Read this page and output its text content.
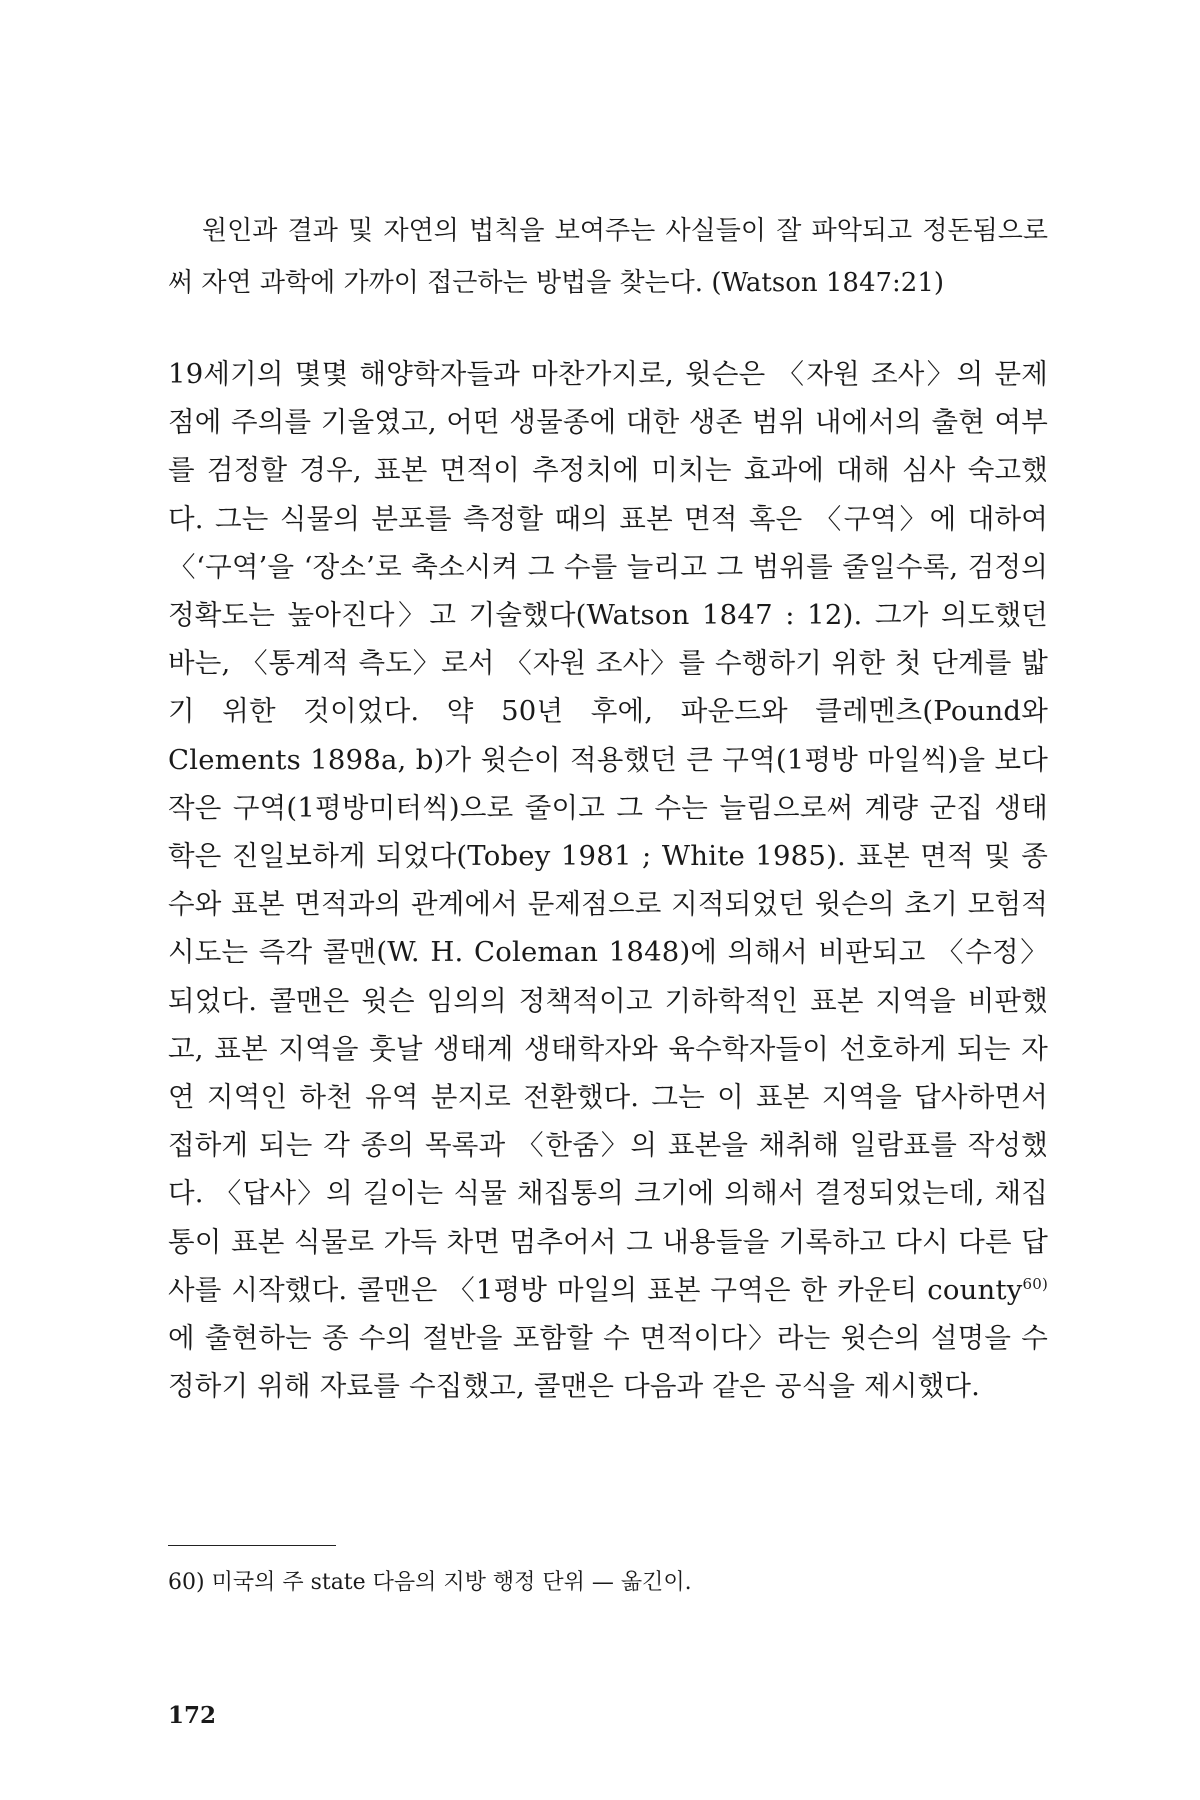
원인과 결과 및 자연의 법칙을 보여주는 사실들이 잘 파악되고 정돈됨으로써 자연 과학에 가까이 접근하는 방법을 찾는다. (Watson 1847:21)

19세기의 몇몇 해양학자들과 마찬가지로, 윗슨은 〈자원 조사〉의 문제점에 주의를 기울였고, 어떤 생물종에 대한 생존 범위 내에서의 출현 여부를 검정할 경우, 표본 면적이 추정치에 미치는 효과에 대해 심사 숙고했다. 그는 식물의 분포를 측정할 때의 표본 면적 혹은 〈구역〉에 대하여 〈‘구역’을 ‘장소’로 축소시켜 그 수를 늘리고 그 범위를 줄일수록, 검정의 정확도는 높아진다〉고 기술했다(Watson 1847 : 12). 그가 의도했던 바는, 〈통계적 측도〉로서 〈자원 조사〉를 수행하기 위한 첫 단계를 밟기 위한 것이었다. 약 50년 후에, 파운드와 클레멘츠(Pound와 Clements 1898a, b)가 윗슨이 적용했던 큰 구역(1평방 마일씩)을 보다 작은 구역(1평방미터씩)으로 줄이고 그 수는 늘림으로써 계량 군집 생태학은 진일보하게 되었다(Tobey 1981 ; White 1985). 표본 면적 및 종 수와 표본 면적과의 관계에서 문제점으로 지적되었던 윗슨의 초기 모험적 시도는 즉각 콜맨(W. H. Coleman 1848)에 의해서 비판되고 〈수정〉되었다. 콜맨은 윗슨 임의의 정책적이고 기하학적인 표본 지역을 비판했고, 표본 지역을 훗날 생태계 생태학자와 육수학자들이 선호하게 되는 자연 지역인 하천 유역 분지로 전환했다. 그는 이 표본 지역을 답사하면서 접하게 되는 각 종의 목록과 〈한줌〉의 표본을 채취해 일람표를 작성했다. 〈답사〉의 길이는 식물 채집통의 크기에 의해서 결정되었는데, 채집통이 표본 식물로 가득 차면 멈추어서 그 내용들을 기록하고 다시 다른 답사를 시작했다. 콜맨은 〈1평방 마일의 표본 구역은 한 카운티 county$^{60)}$에 출현하는 종 수의 절반을 포함할 수 면적이다〉라는 윗슨의 설명을 수정하기 위해 자료를 수집했고, 콜맨은 다음과 같은 공식을 제시했다.

60) 미국의 주 state 다음의 지방 행정 단위 — 옮긴이.

172
